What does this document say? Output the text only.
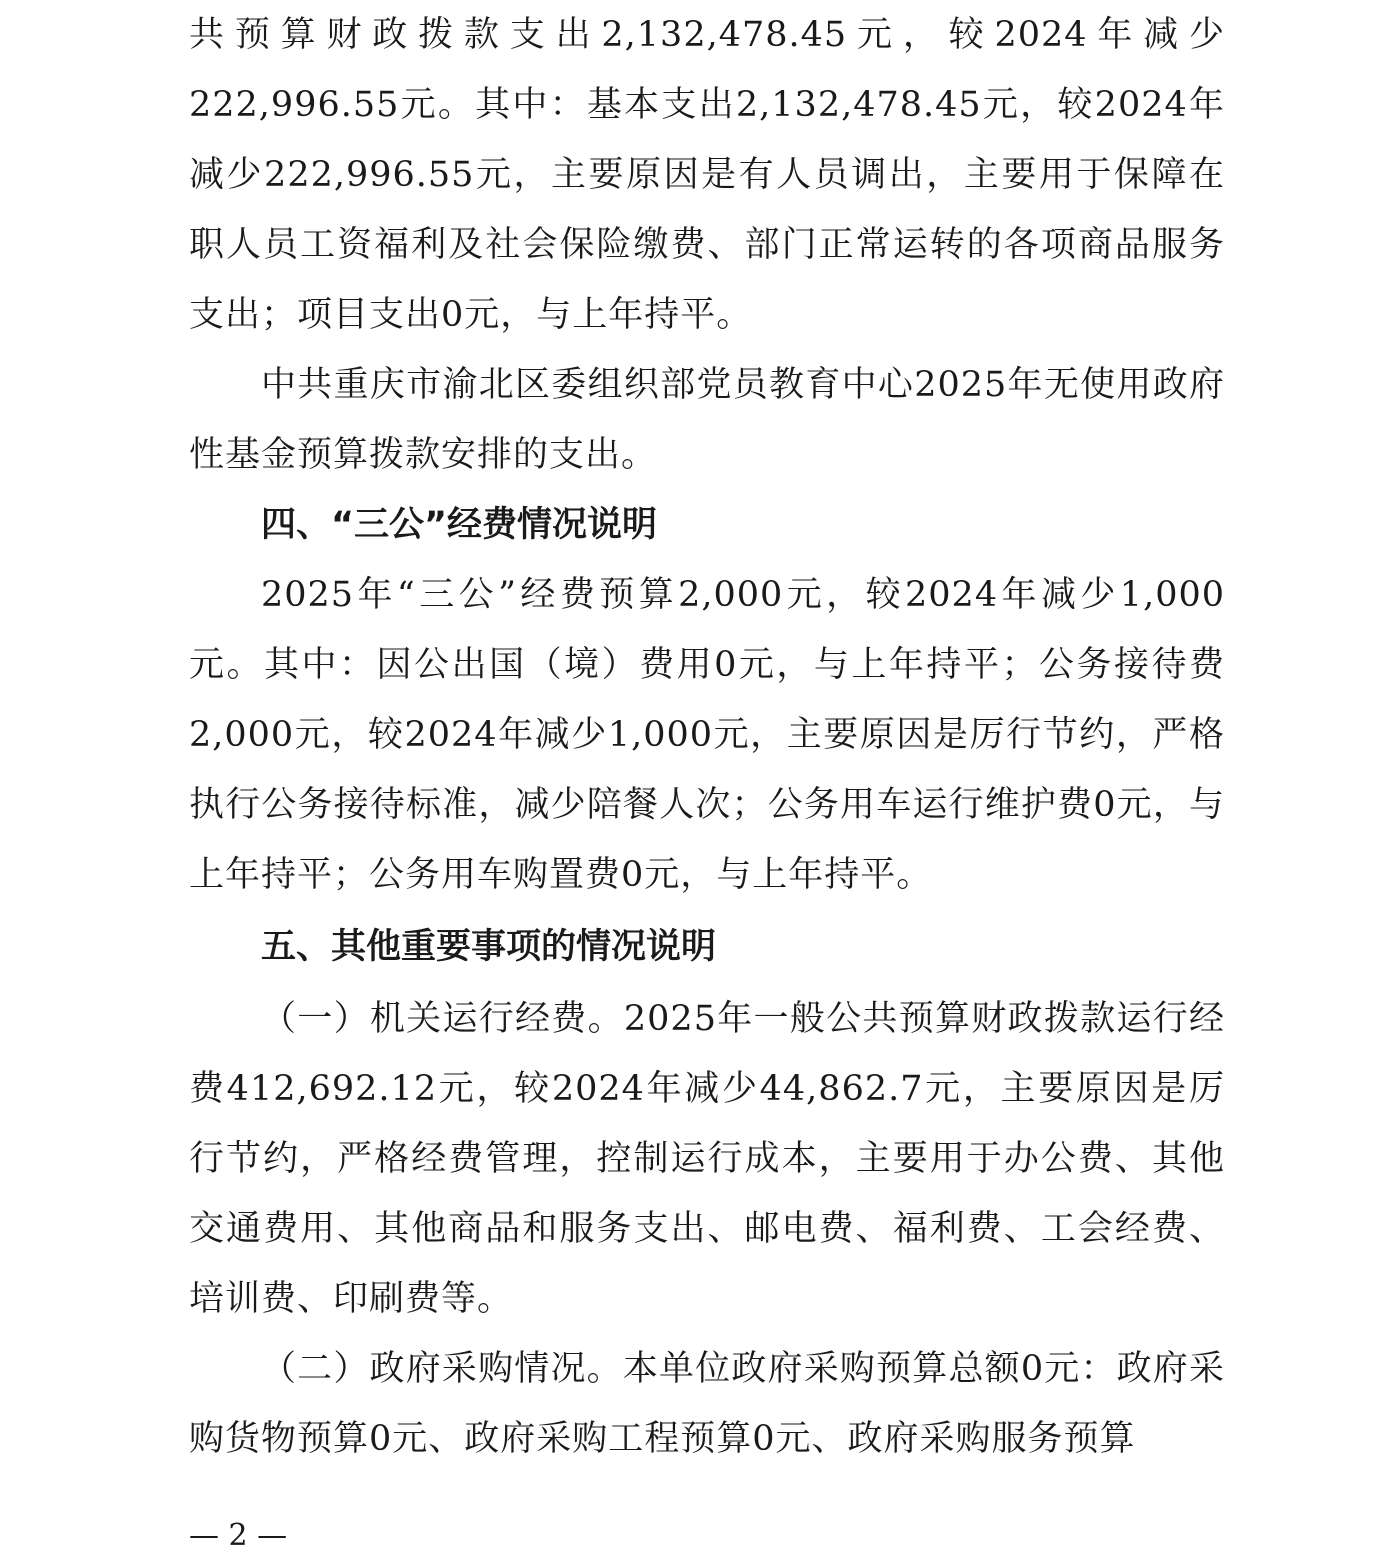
共预算财政拨款支出2,132,478.45元，较2024年减少222,996.55元。其中：基本支出2,132,478.45元，较2024年减少222,996.55元，主要原因是有人员调出，主要用于保障在职人员工资福利及社会保险缴费、部门正常运转的各项商品服务支出；项目支出0元，与上年持平。

中共重庆市渝北区委组织部党员教育中心2025年无使用政府性基金预算拨款安排的支出。

四、“三公”经费情况说明

2025年“三公”经费预算2,000元，较2024年减少1,000元。其中：因公出国（境）费用0元，与上年持平；公务接待费2,000元，较2024年减少1,000元，主要原因是厉行节约，严格执行公务接待标准，减少陪餐人次；公务用车运行维护费0元，与上年持平；公务用车购置费0元，与上年持平。

五、其他重要事项的情况说明

（一）机关运行经费。2025年一般公共预算财政拨款运行经费412,692.12元，较2024年减少44,862.7元，主要原因是厉行节约，严格经费管理，控制运行成本，主要用于办公费、其他交通费用、其他商品和服务支出、邮电费、福利费、工会经费、培训费、印刷费等。

（二）政府采购情况。本单位政府采购预算总额0元：政府采购货物预算0元、政府采购工程预算0元、政府采购服务预算

— 2 —
